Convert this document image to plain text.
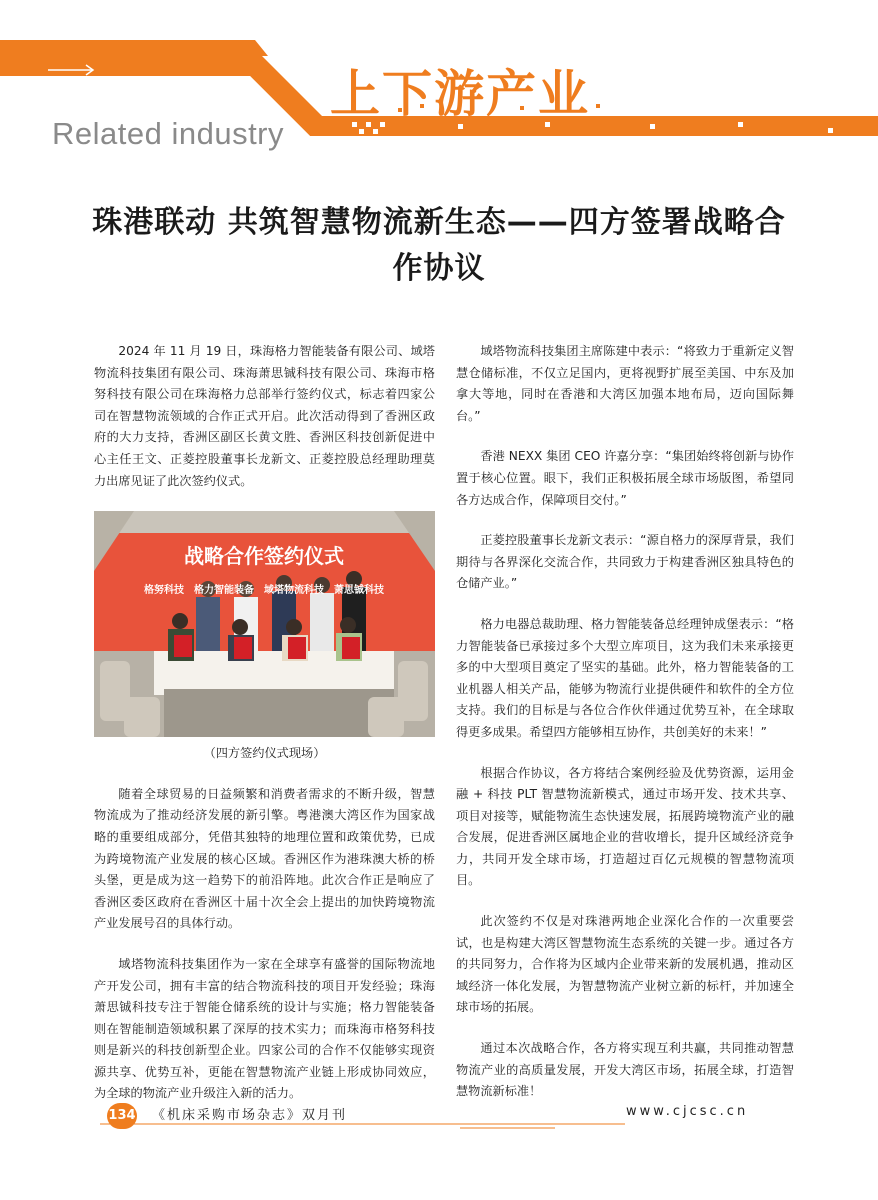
上下游产业
Related industry
珠港联动 共筑智慧物流新生态——四方签署战略合作协议

2024 年 11 月 19 日，珠海格力智能装备有限公司、域塔物流科技集团有限公司、珠海萧思铖科技有限公司、珠海市格努科技有限公司在珠海格力总部举行签约仪式，标志着四家公司在智慧物流领域的合作正式开启。此次活动得到了香洲区政府的大力支持，香洲区副区长黄文胜、香洲区科技创新促进中心主任王文、正菱控股董事长龙新文、正菱控股总经理助理莫力出席见证了此次签约仪式。

战略合作签约仪式
格努科技　格力智能装备　域塔物流科技　萧思铖科技

（四方签约仪式现场）

随着全球贸易的日益频繁和消费者需求的不断升级，智慧物流成为了推动经济发展的新引擎。粤港澳大湾区作为国家战略的重要组成部分，凭借其独特的地理位置和政策优势，已成为跨境物流产业发展的核心区域。香洲区作为港珠澳大桥的桥头堡，更是成为这一趋势下的前沿阵地。此次合作正是响应了香洲区委区政府在香洲区十届十次全会上提出的加快跨境物流产业发展号召的具体行动。

域塔物流科技集团作为一家在全球享有盛誉的国际物流地产开发公司，拥有丰富的结合物流科技的项目开发经验；珠海萧思铖科技专注于智能仓储系统的设计与实施；格力智能装备则在智能制造领域积累了深厚的技术实力；而珠海市格努科技则是新兴的科技创新型企业。四家公司的合作不仅能够实现资源共享、优势互补，更能在智慧物流产业链上形成协同效应，为全球的物流产业升级注入新的活力。

域塔物流科技集团主席陈建中表示：“将致力于重新定义智慧仓储标准，不仅立足国内，更将视野扩展至美国、中东及加拿大等地，同时在香港和大湾区加强本地布局，迈向国际舞台。”

香港 NEXX 集团 CEO 许嘉分享：“集团始终将创新与协作置于核心位置。眼下，我们正积极拓展全球市场版图，希望同各方达成合作，保障项目交付。”

正菱控股董事长龙新文表示：“源自格力的深厚背景，我们期待与各界深化交流合作，共同致力于构建香洲区独具特色的仓储产业。”

格力电器总裁助理、格力智能装备总经理钟成堡表示：“格力智能装备已承接过多个大型立库项目，这为我们未来承接更多的中大型项目奠定了坚实的基础。此外，格力智能装备的工业机器人相关产品，能够为物流行业提供硬件和软件的全方位支持。我们的目标是与各位合作伙伴通过优势互补，在全球取得更多成果。希望四方能够相互协作，共创美好的未来！”

根据合作协议，各方将结合案例经验及优势资源，运用金融 + 科技 PLT 智慧物流新模式，通过市场开发、技术共享、项目对接等，赋能物流生态快速发展，拓展跨境物流产业的融合发展，促进香洲区属地企业的营收增长，提升区域经济竞争力，共同开发全球市场，打造超过百亿元规模的智慧物流项目。

此次签约不仅是对珠港两地企业深化合作的一次重要尝试，也是构建大湾区智慧物流生态系统的关键一步。通过各方的共同努力，合作将为区域内企业带来新的发展机遇，推动区域经济一体化发展，为智慧物流产业树立新的标杆，并加速全球市场的拓展。

通过本次战略合作，各方将实现互利共赢，共同推动智慧物流产业的高质量发展，开发大湾区市场，拓展全球，打造智慧物流新标准！

134 《机床采购市场杂志》双月刊	www.cjcsc.cn
